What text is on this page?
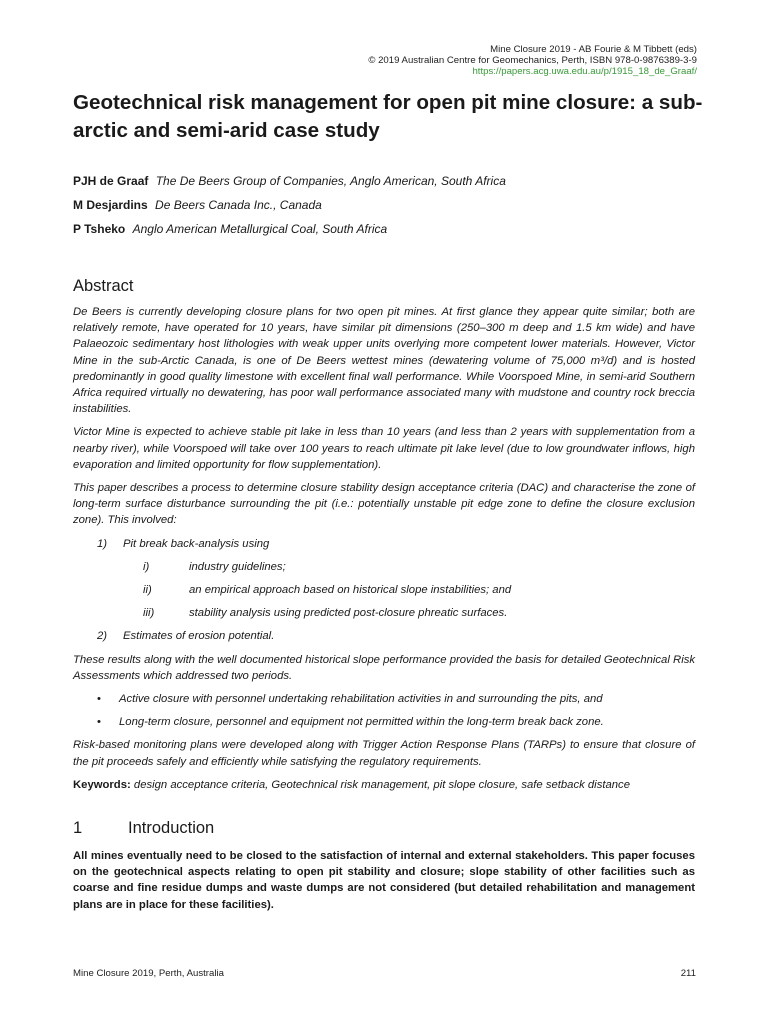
Mine Closure 2019 - AB Fourie & M Tibbett (eds)
© 2019 Australian Centre for Geomechanics, Perth, ISBN 978-0-9876389-3-9
https://papers.acg.uwa.edu.au/p/1915_18_de_Graaf/
Geotechnical risk management for open pit mine closure: a sub-arctic and semi-arid case study
PJH de Graaf The De Beers Group of Companies, Anglo American, South Africa
M Desjardins De Beers Canada Inc., Canada
P Tsheko Anglo American Metallurgical Coal, South Africa
Abstract

De Beers is currently developing closure plans for two open pit mines. At first glance they appear quite similar; both are relatively remote, have operated for 10 years, have similar pit dimensions (250–300 m deep and 1.5 km wide) and have Palaeozoic sedimentary host lithologies with weak upper units overlying more competent lower materials. However, Victor Mine in the sub-Arctic Canada, is one of De Beers wettest mines (dewatering volume of 75,000 m³/d) and is hosted predominantly in good quality limestone with excellent final wall performance. While Voorspoed Mine, in semi-arid Southern Africa required virtually no dewatering, has poor wall performance associated many with mudstone and country rock breccia instabilities.

Victor Mine is expected to achieve stable pit lake in less than 10 years (and less than 2 years with supplementation from a nearby river), while Voorspoed will take over 100 years to reach ultimate pit lake level (due to low groundwater inflows, high evaporation and limited opportunity for flow supplementation).

This paper describes a process to determine closure stability design acceptance criteria (DAC) and characterise the zone of long-term surface disturbance surrounding the pit (i.e.: potentially unstable pit edge zone to define the closure exclusion zone). This involved:

1)	Pit break back-analysis using
i)	industry guidelines;
ii)	an empirical approach based on historical slope instabilities; and
iii)	stability analysis using predicted post-closure phreatic surfaces.
2)	Estimates of erosion potential.

These results along with the well documented historical slope performance provided the basis for detailed Geotechnical Risk Assessments which addressed two periods.

•	Active closure with personnel undertaking rehabilitation activities in and surrounding the pits, and
•	Long-term closure, personnel and equipment not permitted within the long-term break back zone.

Risk-based monitoring plans were developed along with Trigger Action Response Plans (TARPs) to ensure that closure of the pit proceeds safely and efficiently while satisfying the regulatory requirements.

Keywords: design acceptance criteria, Geotechnical risk management, pit slope closure, safe setback distance

1	Introduction

All mines eventually need to be closed to the satisfaction of internal and external stakeholders. This paper focuses on the geotechnical aspects relating to open pit stability and closure; slope stability of other facilities such as coarse and fine residue dumps and waste dumps are not considered (but detailed rehabilitation and management plans are in place for these facilities).

Mine Closure 2019, Perth, Australia	211
